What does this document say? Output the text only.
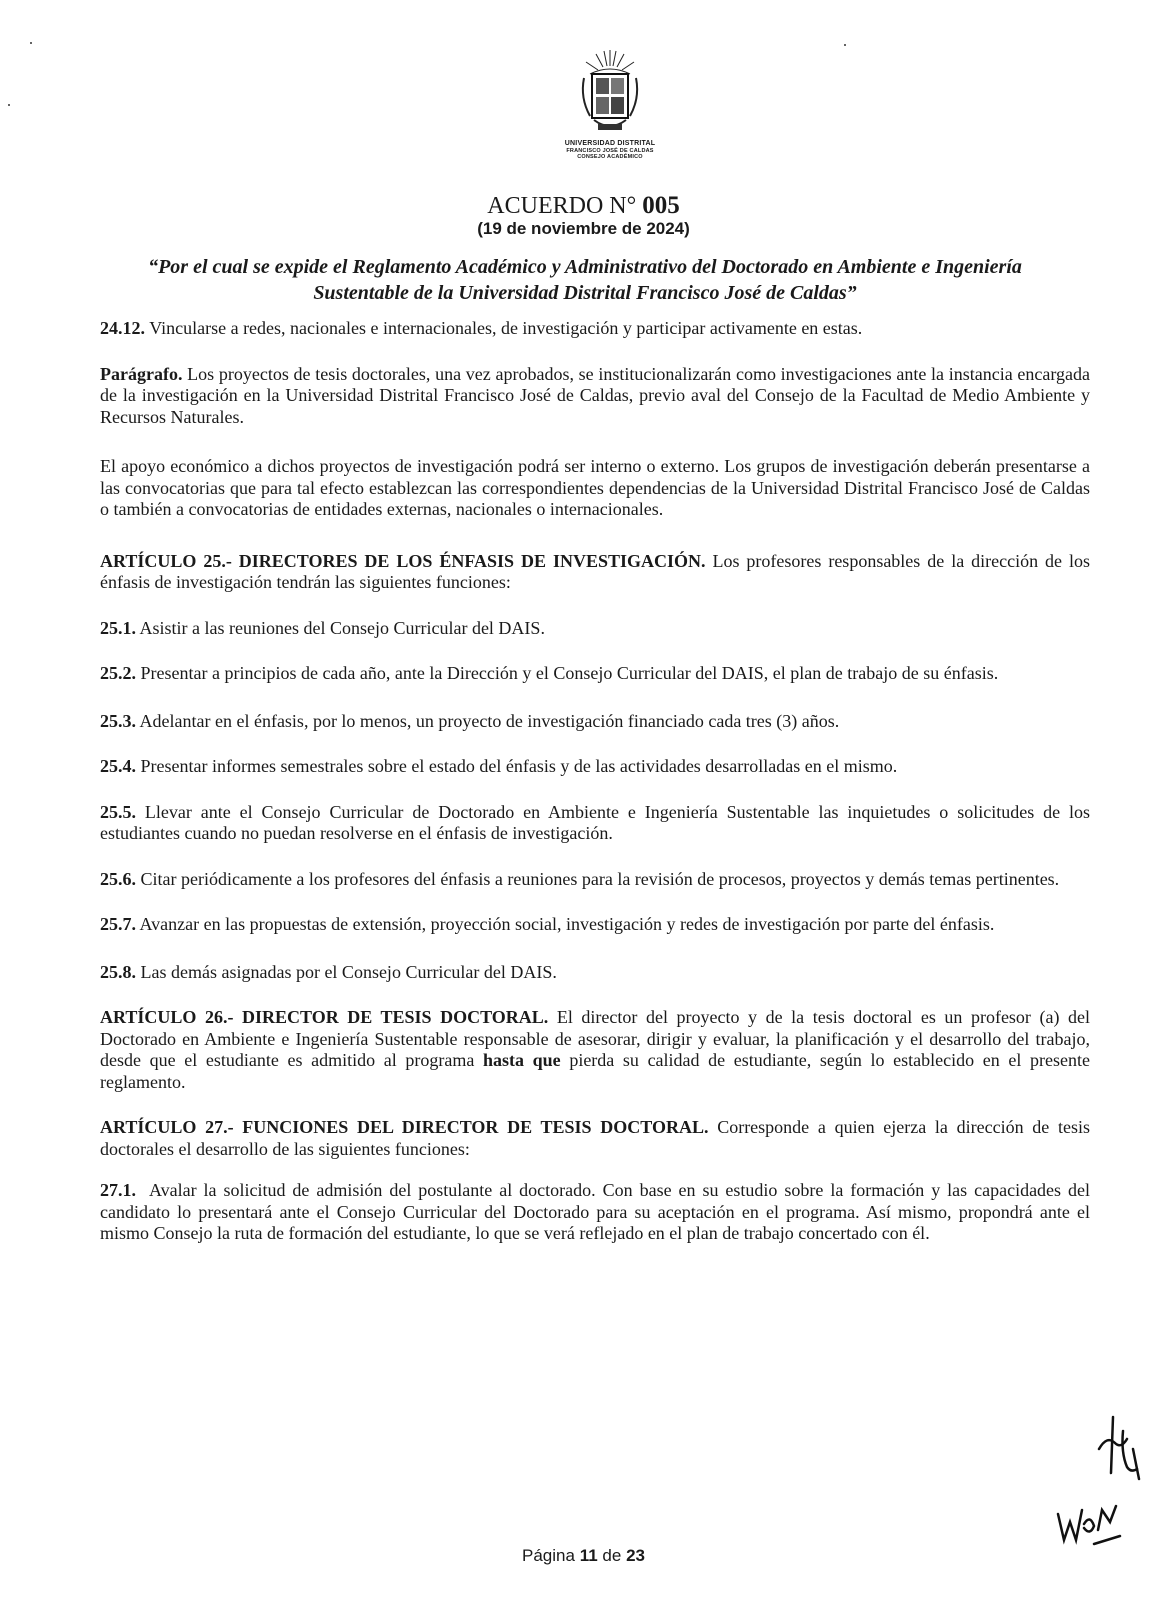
UNIVERSIDAD DISTRITAL
FRANCISCO JOSÉ DE CALDAS
CONSEJO ACADÉMICO
ACUERDO N° 005
(19 de noviembre de 2024)
“Por el cual se expide el Reglamento Académico y Administrativo del Doctorado en Ambiente e Ingeniería Sustentable de la Universidad Distrital Francisco José de Caldas”

24.12. Vincularse a redes, nacionales e internacionales, de investigación y participar activamente en estas.

Parágrafo. Los proyectos de tesis doctorales, una vez aprobados, se institucionalizarán como investigaciones ante la instancia encargada de la investigación en la Universidad Distrital Francisco José de Caldas, previo aval del Consejo de la Facultad de Medio Ambiente y Recursos Naturales.

El apoyo económico a dichos proyectos de investigación podrá ser interno o externo. Los grupos de investigación deberán presentarse a las convocatorias que para tal efecto establezcan las correspondientes dependencias de la Universidad Distrital Francisco José de Caldas o también a convocatorias de entidades externas, nacionales o internacionales.

ARTÍCULO 25.- DIRECTORES DE LOS ÉNFASIS DE INVESTIGACIÓN. Los profesores responsables de la dirección de los énfasis de investigación tendrán las siguientes funciones:

25.1. Asistir a las reuniones del Consejo Curricular del DAIS.

25.2. Presentar a principios de cada año, ante la Dirección y el Consejo Curricular del DAIS, el plan de trabajo de su énfasis.

25.3. Adelantar en el énfasis, por lo menos, un proyecto de investigación financiado cada tres (3) años.

25.4. Presentar informes semestrales sobre el estado del énfasis y de las actividades desarrolladas en el mismo.

25.5. Llevar ante el Consejo Curricular de Doctorado en Ambiente e Ingeniería Sustentable las inquietudes o solicitudes de los estudiantes cuando no puedan resolverse en el énfasis de investigación.

25.6. Citar periódicamente a los profesores del énfasis a reuniones para la revisión de procesos, proyectos y demás temas pertinentes.

25.7. Avanzar en las propuestas de extensión, proyección social, investigación y redes de investigación por parte del énfasis.

25.8. Las demás asignadas por el Consejo Curricular del DAIS.

ARTÍCULO 26.- DIRECTOR DE TESIS DOCTORAL. El director del proyecto y de la tesis doctoral es un profesor (a) del Doctorado en Ambiente e Ingeniería Sustentable responsable de asesorar, dirigir y evaluar, la planificación y el desarrollo del trabajo, desde que el estudiante es admitido al programa hasta que pierda su calidad de estudiante, según lo establecido en el presente reglamento.

ARTÍCULO 27.- FUNCIONES DEL DIRECTOR DE TESIS DOCTORAL. Corresponde a quien ejerza la dirección de tesis doctorales el desarrollo de las siguientes funciones:

27.1. Avalar la solicitud de admisión del postulante al doctorado. Con base en su estudio sobre la formación y las capacidades del candidato lo presentará ante el Consejo Curricular del Doctorado para su aceptación en el programa. Así mismo, propondrá ante el mismo Consejo la ruta de formación del estudiante, lo que se verá reflejado en el plan de trabajo concertado con él.

Página 11 de 23
